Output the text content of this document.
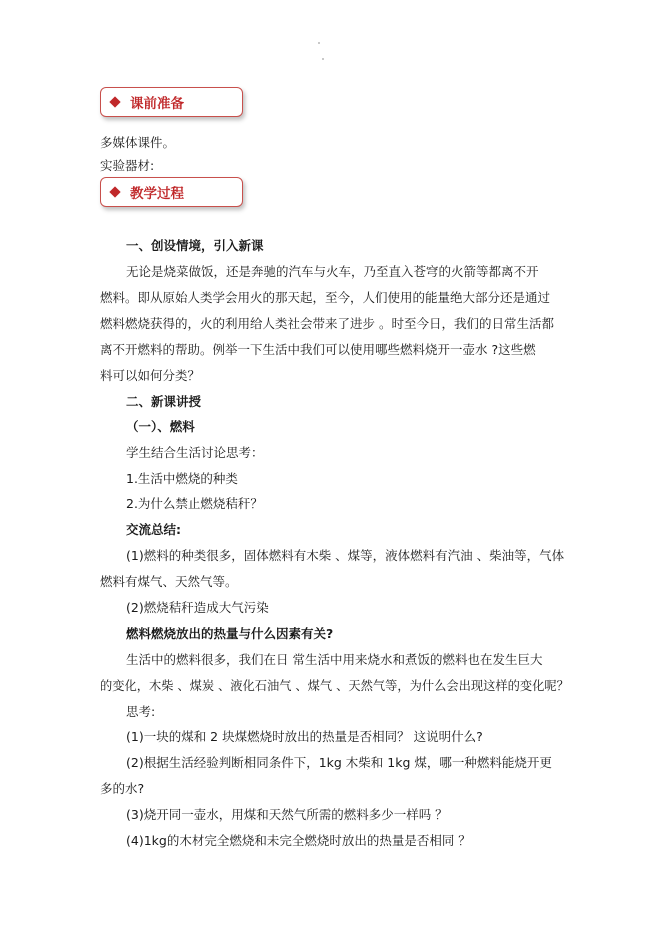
课前准备
多媒体课件。
实验器材:
教学过程
一、创设情境，引入新课
无论是烧菜做饭，还是奔驰的汽车与火车，乃至直入苍穹的火箭等都离不开
燃料。即从原始人类学会用火的那天起，至今，人们使用的能量绝大部分还是通过
燃料燃烧获得的，火的利用给人类社会带来了进步 。时至今日，我们的日常生活都
离不开燃料的帮助。例举一下生活中我们可以使用哪些燃料烧开一壶水 ?这些燃
料可以如何分类？
二、新课讲授
（一）、燃料
学生结合生活讨论思考：
1.生活中燃烧的种类
2.为什么禁止燃烧秸秆？
交流总结:
(1)燃料的种类很多，固体燃料有木柴 、煤等，液体燃料有汽油 、柴油等，气体
燃料有煤气、天然气等。
(2)燃烧秸秆造成大气污染
燃料燃烧放出的热量与什么因素有关?
生活中的燃料很多，我们在日 常生活中用来烧水和煮饭的燃料也在发生巨大
的变化，木柴 、煤炭 、液化石油气 、煤气 、天然气等，为什么会出现这样的变化呢？
思考:
(1)一块的煤和 2 块煤燃烧时放出的热量是否相同？ 这说明什么?
(2)根据生活经验判断相同条件下，1kg 木柴和 1kg 煤，哪一种燃料能烧开更
多的水?
(3)烧开同一壶水，用煤和天然气所需的燃料多少一样吗 ？
(4)1kg的木材完全燃烧和未完全燃烧时放出的热量是否相同 ？
